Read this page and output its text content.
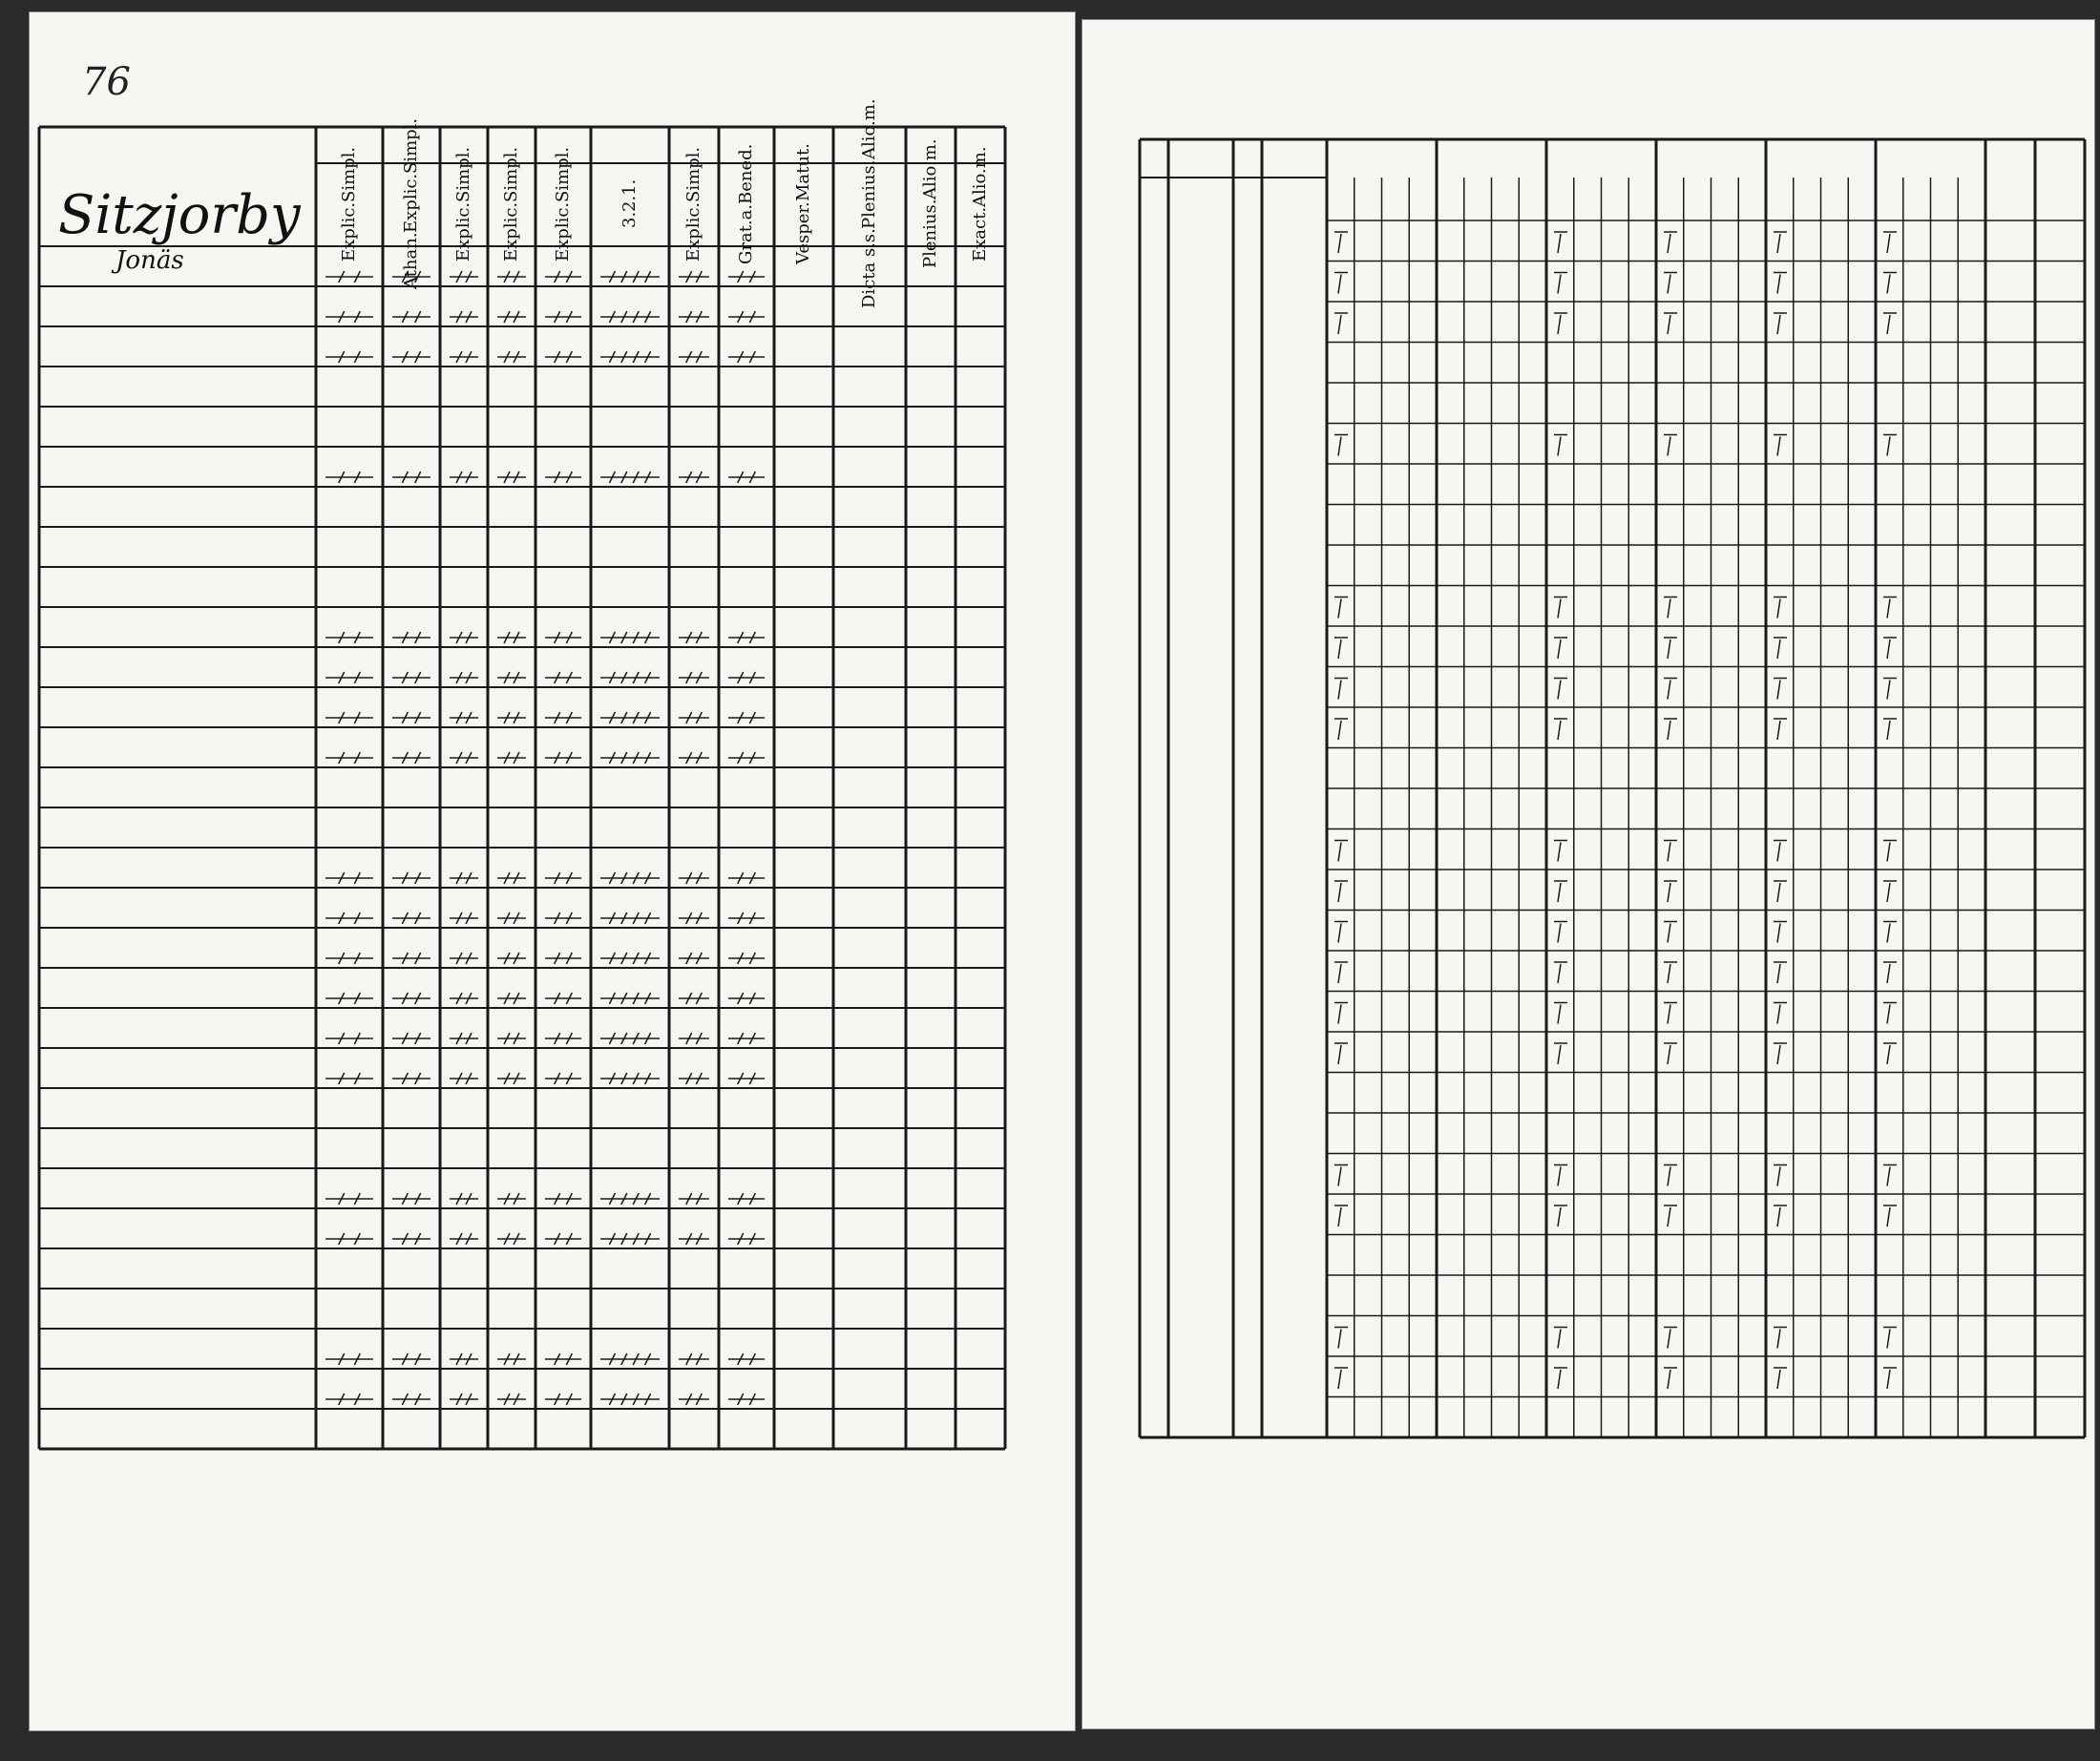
76
Sitzjorby
Jonäs	Explic.
Simpl.
Athan.
Explic.
Simpl.
Explic.
Simpl.
Explic.
Simpl.
Explic.
Simpl.
3.
2.
1.
Explic.
Simpl.
Grat.a.
Bened.
Vesper.
Matut.
Dicta s.s.
Plenius.
Alio.m.
Plenius.
Alio.m.
Exact.
Alio.m.
